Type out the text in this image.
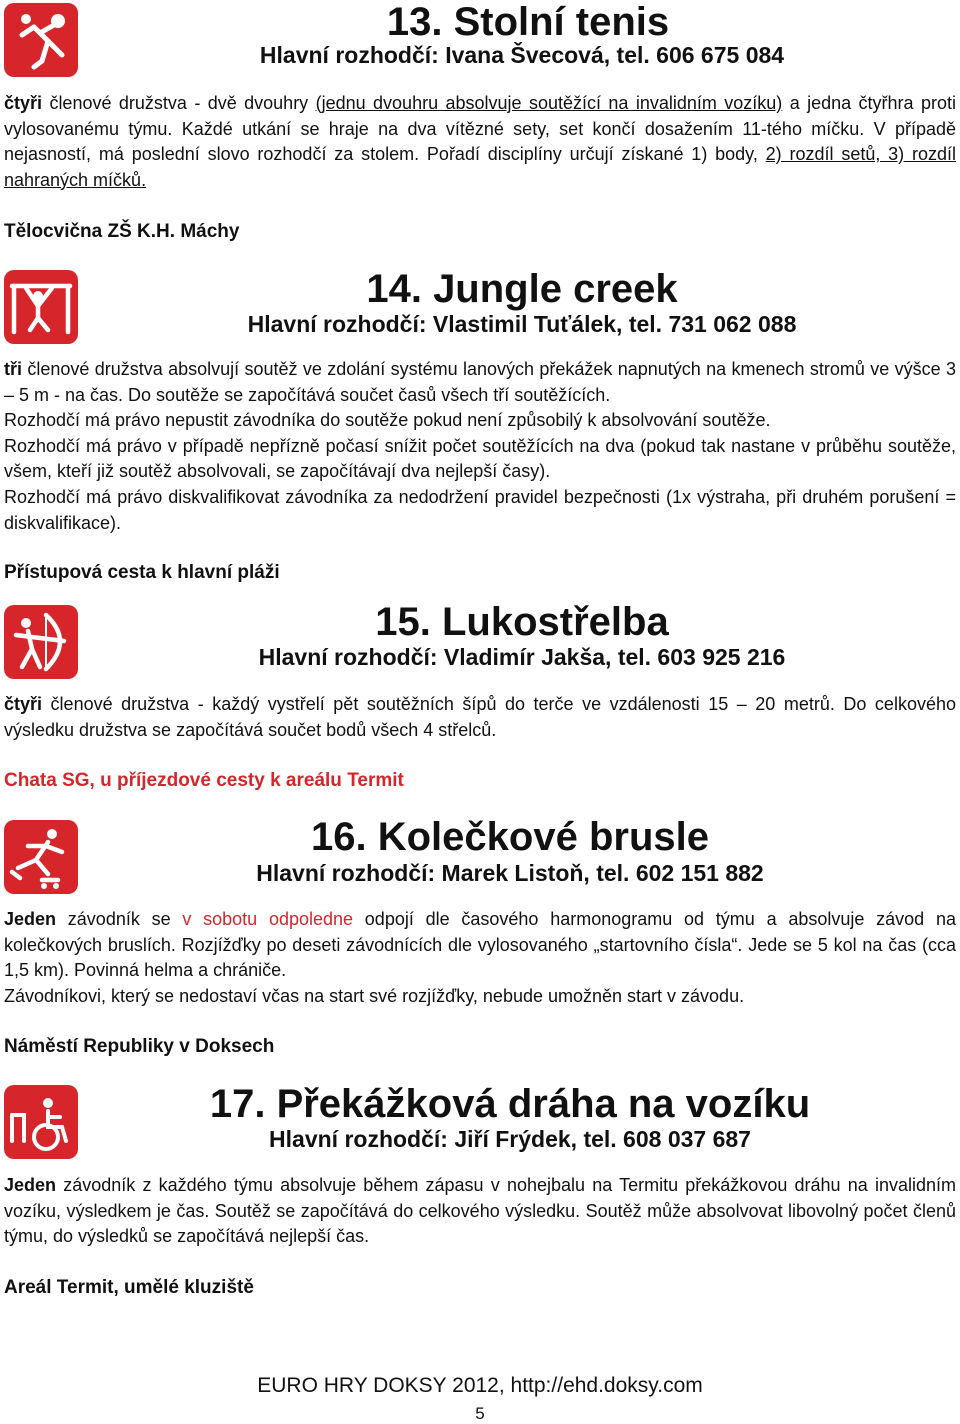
13. Stolní tenis
Hlavní rozhodčí: Ivana Švecová, tel. 606 675 084

čtyři členové družstva - dvě dvouhry (jednu dvouhru absolvuje soutěžící na invalidním vozíku) a jedna čtyřhra proti vylosovanému týmu. Každé utkání se hraje na dva vítězné sety, set končí dosažením 11-tého míčku. V případě nejasností, má poslední slovo rozhodčí za stolem. Pořadí disciplíny určují získané 1) body, 2) rozdíl setů, 3) rozdíl nahraných míčků.

Tělocvična ZŠ K.H. Máchy
14. Jungle creek
Hlavní rozhodčí: Vlastimil Tuťálek, tel. 731 062 088

tři členové družstva absolvují soutěž ve zdolání systému lanových překážek napnutých na kmenech stromů ve výšce 3 – 5 m - na čas. Do soutěže se započítává součet časů všech tří soutěžících.

Rozhodčí má právo nepustit závodníka do soutěže pokud není způsobilý k absolvování soutěže.

Rozhodčí má právo v případě nepřízně počasí snížit počet soutěžících na dva (pokud tak nastane v průběhu soutěže, všem, kteří již soutěž absolvovali, se započítávají dva nejlepší časy).

Rozhodčí má právo diskvalifikovat závodníka za nedodržení pravidel bezpečnosti (1x výstraha, při druhém porušení = diskvalifikace).

Přístupová cesta k hlavní pláži
15. Lukostřelba
Hlavní rozhodčí: Vladimír Jakša, tel. 603 925 216

čtyři členové družstva - každý vystřelí pět soutěžních šípů do terče ve vzdálenosti 15 – 20 metrů. Do celkového výsledku družstva se započítává součet bodů všech 4 střelců.

Chata SG, u příjezdové cesty k areálu Termit
16. Kolečkové brusle
Hlavní rozhodčí: Marek Listoň, tel. 602 151 882

Jeden závodník se v sobotu odpoledne odpojí dle časového harmonogramu od týmu a absolvuje závod na kolečkových bruslích. Rozjížďky po deseti závodnících dle vylosovaného „startovního čísla“. Jede se 5 kol na čas (cca 1,5 km). Povinná helma a chrániče.

Závodníkovi, který se nedostaví včas na start své rozjížďky, nebude umožněn start v závodu.

Náměstí Republiky v Doksech
17. Překážková dráha na vozíku
Hlavní rozhodčí: Jiří Frýdek, tel. 608 037 687

Jeden závodník z každého týmu absolvuje během zápasu v nohejbalu na Termitu překážkovou dráhu na invalidním vozíku, výsledkem je čas. Soutěž se započítává do celkového výsledku. Soutěž může absolvovat libovolný počet členů týmu, do výsledků se započítává nejlepší čas.

Areál Termit, umělé kluziště
EURO HRY DOKSY 2012, http://ehd.doksy.com
5
